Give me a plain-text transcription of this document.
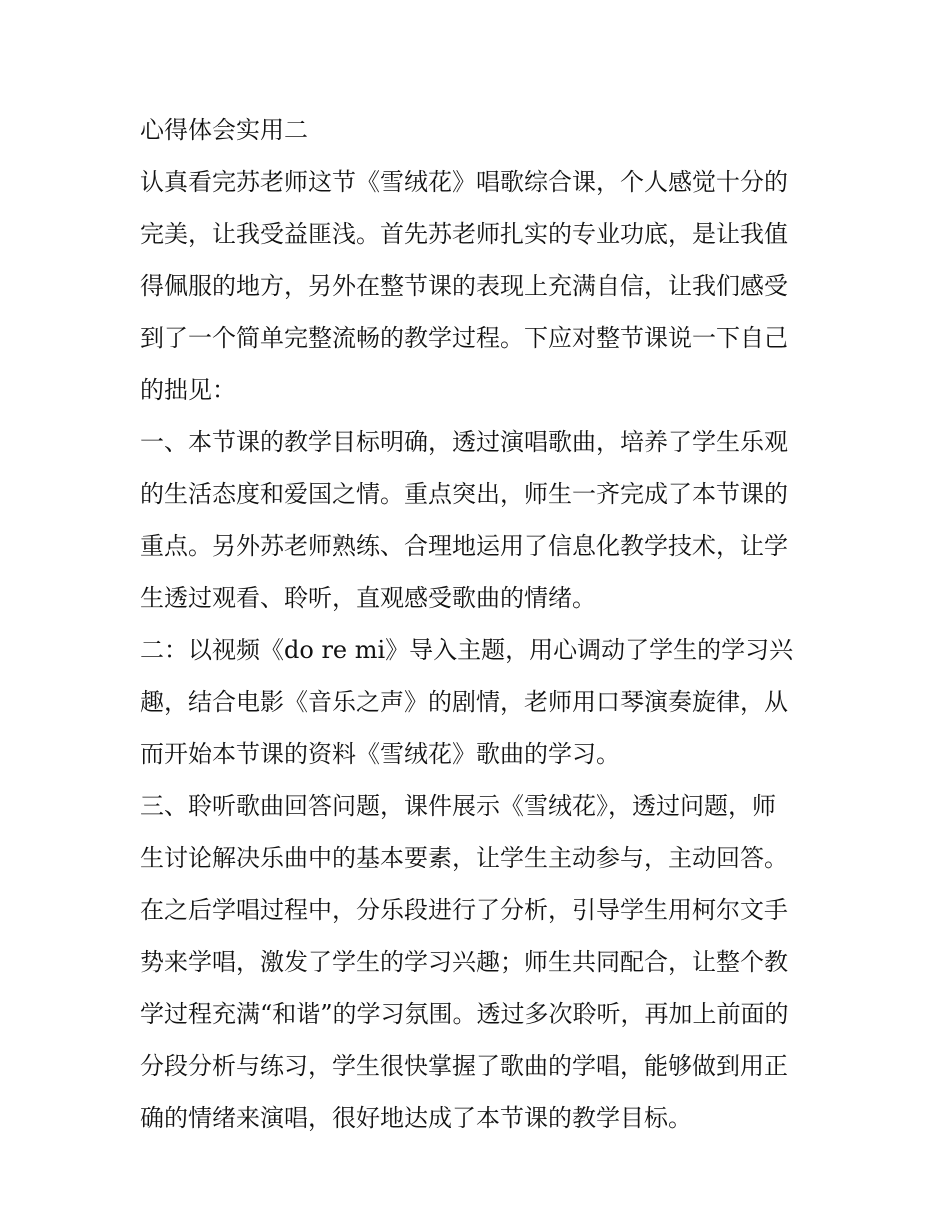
心得体会实用二
认真看完苏老师这节《雪绒花》唱歌综合课，个人感觉十分的
完美，让我受益匪浅。首先苏老师扎实的专业功底，是让我值
得佩服的地方，另外在整节课的表现上充满自信，让我们感受
到了一个简单完整流畅的教学过程。下应对整节课说一下自己
的拙见：
一、本节课的教学目标明确，透过演唱歌曲，培养了学生乐观
的生活态度和爱国之情。重点突出，师生一齐完成了本节课的
重点。另外苏老师熟练、合理地运用了信息化教学技术，让学
生透过观看、聆听，直观感受歌曲的情绪。
二：以视频《do re mi》导入主题，用心调动了学生的学习兴
趣，结合电影《音乐之声》的剧情，老师用口琴演奏旋律，从
而开始本节课的资料《雪绒花》歌曲的学习。
三、聆听歌曲回答问题，课件展示《雪绒花》，透过问题，师
生讨论解决乐曲中的基本要素，让学生主动参与，主动回答。
在之后学唱过程中，分乐段进行了分析，引导学生用柯尔文手
势来学唱，激发了学生的学习兴趣；师生共同配合，让整个教
学过程充满“和谐”的学习氛围。透过多次聆听，再加上前面的
分段分析与练习，学生很快掌握了歌曲的学唱，能够做到用正
确的情绪来演唱，很好地达成了本节课的教学目标。
